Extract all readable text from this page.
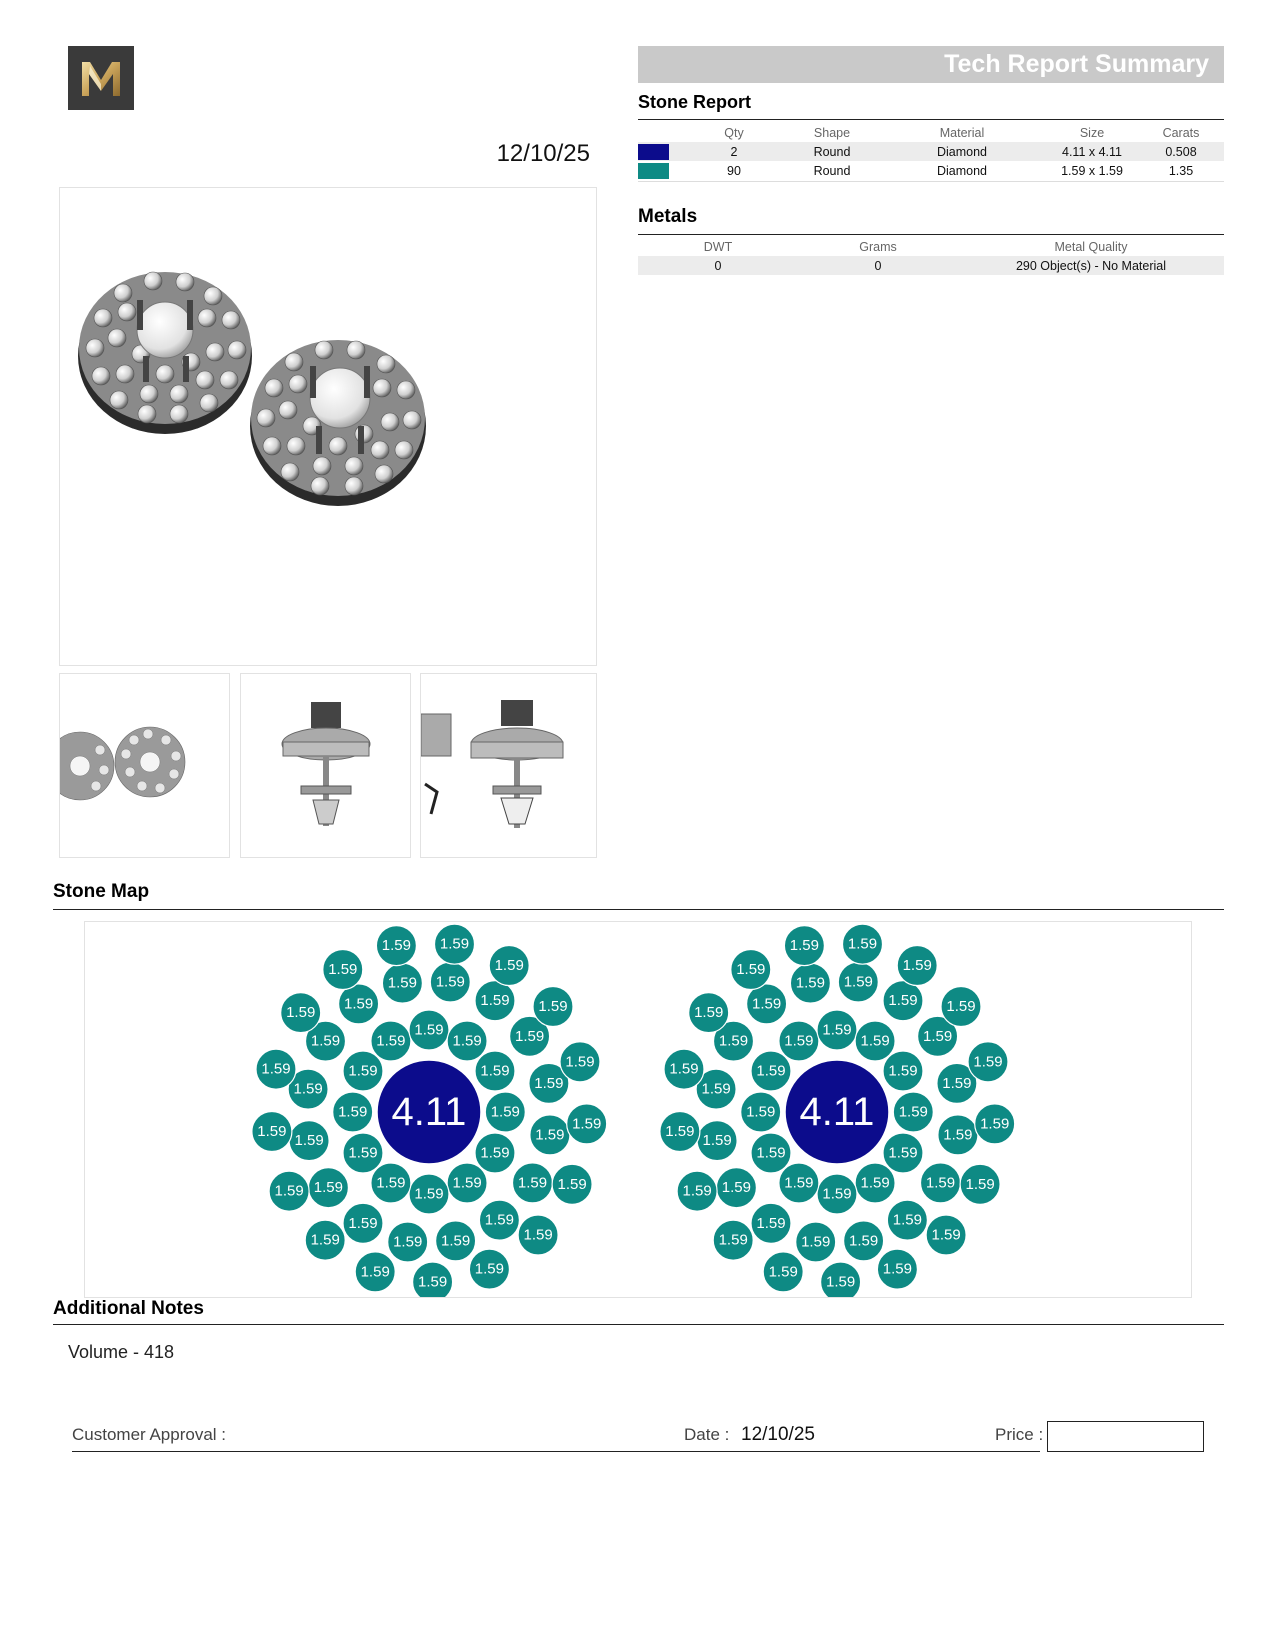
12/10/25
Tech Report Summary
Stone Report
	Qty	Shape	Material	Size	Carats
	2	Round	Diamond	4.11 x 4.11	0.508
	90	Round	Diamond	1.59 x 1.59	1.35
Metals
DWT	Grams	Metal Quality
0	0	290 Object(s) - No Material
Stone Map
1.59
1.59
1.59
1.59
1.59
1.59
1.59
1.59
1.59
1.59
1.59
1.59
1.59
1.59
1.59
1.59
1.59
1.59
1.59
1.59
1.59
1.59
1.59
1.59 1.59
1.59
1.59
1.59
1.59
1.59
1.59
1.59
1.59
1.59
1.59
1.59
1.59
1.59
1.59
1.59
1.59 1.59
1.59
1.59
1.59
4.11	1.59
1.59
1.59
1.59
1.59
1.59
1.59
1.59
1.59
1.59
1.59
1.59
1.59
1.59
1.59
1.59
1.59
1.59
1.59
1.59
1.59
1.59
1.59
1.59 1.59
1.59
1.59
1.59
1.59
1.59
1.59
1.59
1.59
1.59
1.59
1.59
1.59
1.59
1.59
1.59
1.59 1.59
1.59
1.59
1.59
4.11
Additional Notes
Volume - 418
Customer Approval :	Date : 12/10/25	Price :
